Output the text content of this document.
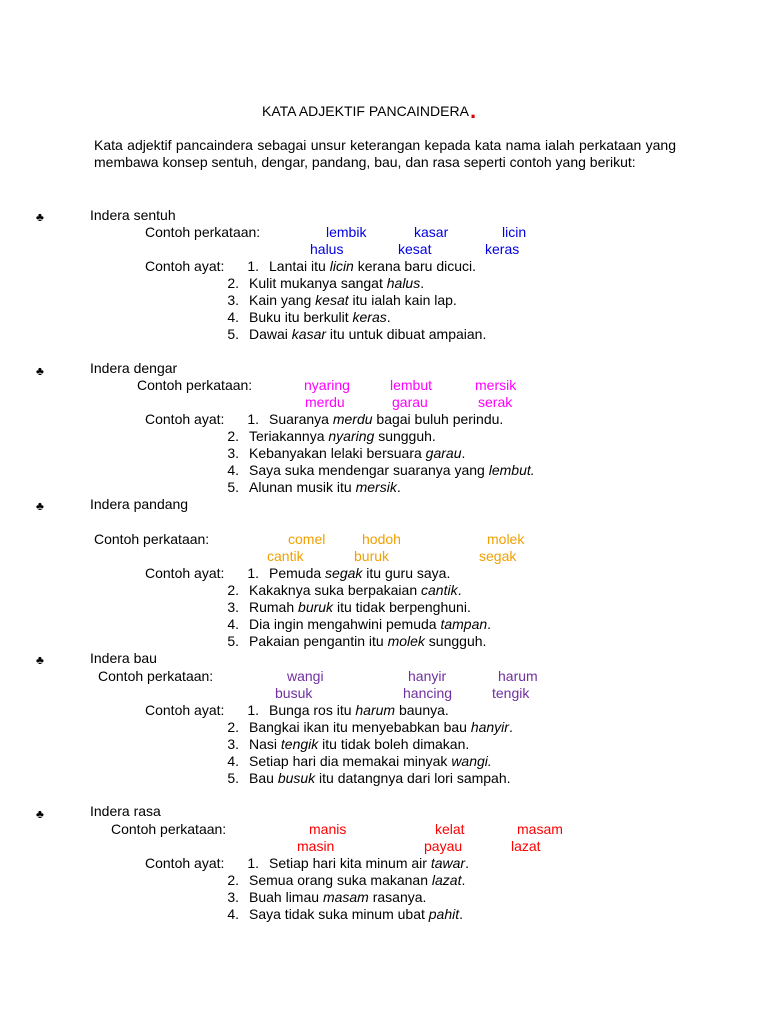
KATA ADJEKTIF PANCAINDERA.
Kata adjektif pancaindera sebagai unsur keterangan kepada kata nama ialah perkataan yang membawa konsep sentuh, dengar, pandang, bau, dan rasa seperti contoh yang berikut:
♣	Indera sentuh
Contoh perkataan:	lembik	kasar	licin
halus	kesat	keras
Contoh ayat:	1. Lantai itu licin kerana baru dicuci.
2. Kulit mukanya sangat halus.
3. Kain yang kesat itu ialah kain lap.
4. Buku itu berkulit keras.
5. Dawai kasar itu untuk dibuat ampaian.
♣	Indera dengar
Contoh perkataan:	nyaring	lembut	mersik
merdu	garau	serak
Contoh ayat:	1. Suaranya merdu bagai buluh perindu.
2. Teriakannya nyaring sungguh.
3. Kebanyakan lelaki bersuara garau.
4. Saya suka mendengar suaranya yang lembut.
5. Alunan musik itu mersik.
♣	Indera pandang
Contoh perkataan:	comel	hodoh	molek
cantik	buruk	segak
Contoh ayat:	1. Pemuda segak itu guru saya.
2. Kakaknya suka berpakaian cantik.
3. Rumah buruk itu tidak berpenghuni.
4. Dia ingin mengahwini pemuda tampan.
5. Pakaian pengantin itu molek sungguh.
♣	Indera bau
Contoh perkataan:	wangi	hanyir	harum
busuk	hancing	tengik
Contoh ayat:	1. Bunga ros itu harum baunya.
2. Bangkai ikan itu menyebabkan bau hanyir.
3. Nasi tengik itu tidak boleh dimakan.
4. Setiap hari dia memakai minyak wangi.
5. Bau busuk itu datangnya dari lori sampah.
♣	Indera rasa
Contoh perkataan:	manis	kelat	masam
masin	payau	lazat
Contoh ayat:	1. Setiap hari kita minum air tawar.
2. Semua orang suka makanan lazat.
3. Buah limau masam rasanya.
4. Saya tidak suka minum ubat pahit.
